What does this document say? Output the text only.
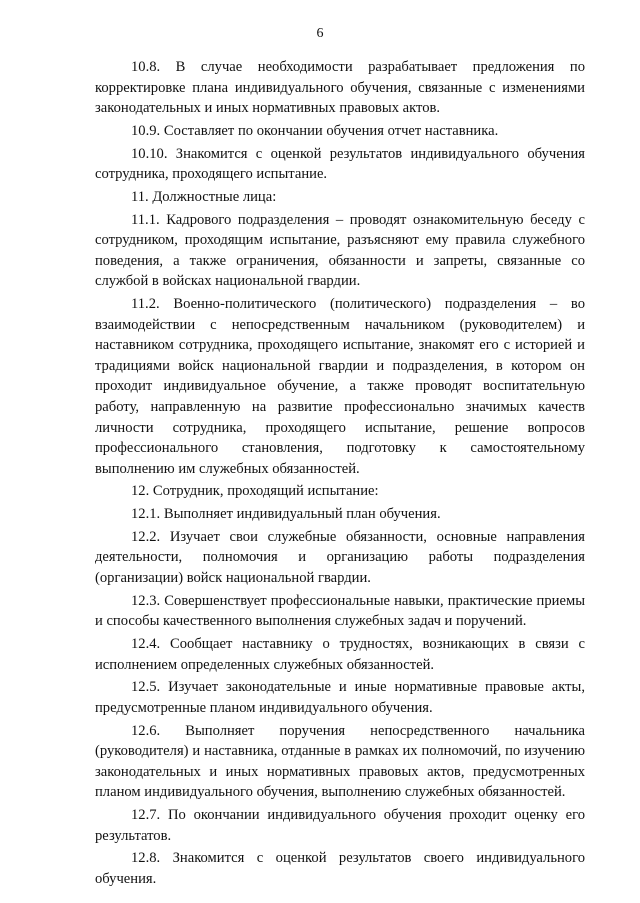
6

10.8. В случае необходимости разрабатывает предложения по корректировке плана индивидуального обучения, связанные с изменениями законодательных и иных нормативных правовых актов.

10.9. Составляет по окончании обучения отчет наставника.

10.10. Знакомится с оценкой результатов индивидуального обучения сотрудника, проходящего испытание.

11. Должностные лица:

11.1. Кадрового подразделения – проводят ознакомительную беседу с сотрудником, проходящим испытание, разъясняют ему правила служебного поведения, а также ограничения, обязанности и запреты, связанные со службой в войсках национальной гвардии.

11.2. Военно-политического (политического) подразделения – во взаимодействии с непосредственным начальником (руководителем) и наставником сотрудника, проходящего испытание, знакомят его с историей и традициями войск национальной гвардии и подразделения, в котором он проходит индивидуальное обучение, а также проводят воспитательную работу, направленную на развитие профессионально значимых качеств личности сотрудника, проходящего испытание, решение вопросов профессионального становления, подготовку к самостоятельному выполнению им служебных обязанностей.

12. Сотрудник, проходящий испытание:

12.1. Выполняет индивидуальный план обучения.

12.2. Изучает свои служебные обязанности, основные направления деятельности, полномочия и организацию работы подразделения (организации) войск национальной гвардии.

12.3. Совершенствует профессиональные навыки, практические приемы и способы качественного выполнения служебных задач и поручений.

12.4. Сообщает наставнику о трудностях, возникающих в связи с исполнением определенных служебных обязанностей.

12.5. Изучает законодательные и иные нормативные правовые акты, предусмотренные планом индивидуального обучения.

12.6. Выполняет поручения непосредственного начальника (руководителя) и наставника, отданные в рамках их полномочий, по изучению законодательных и иных нормативных правовых актов, предусмотренных планом индивидуального обучения, выполнению служебных обязанностей.

12.7. По окончании индивидуального обучения проходит оценку его результатов.

12.8. Знакомится с оценкой результатов своего индивидуального обучения.
